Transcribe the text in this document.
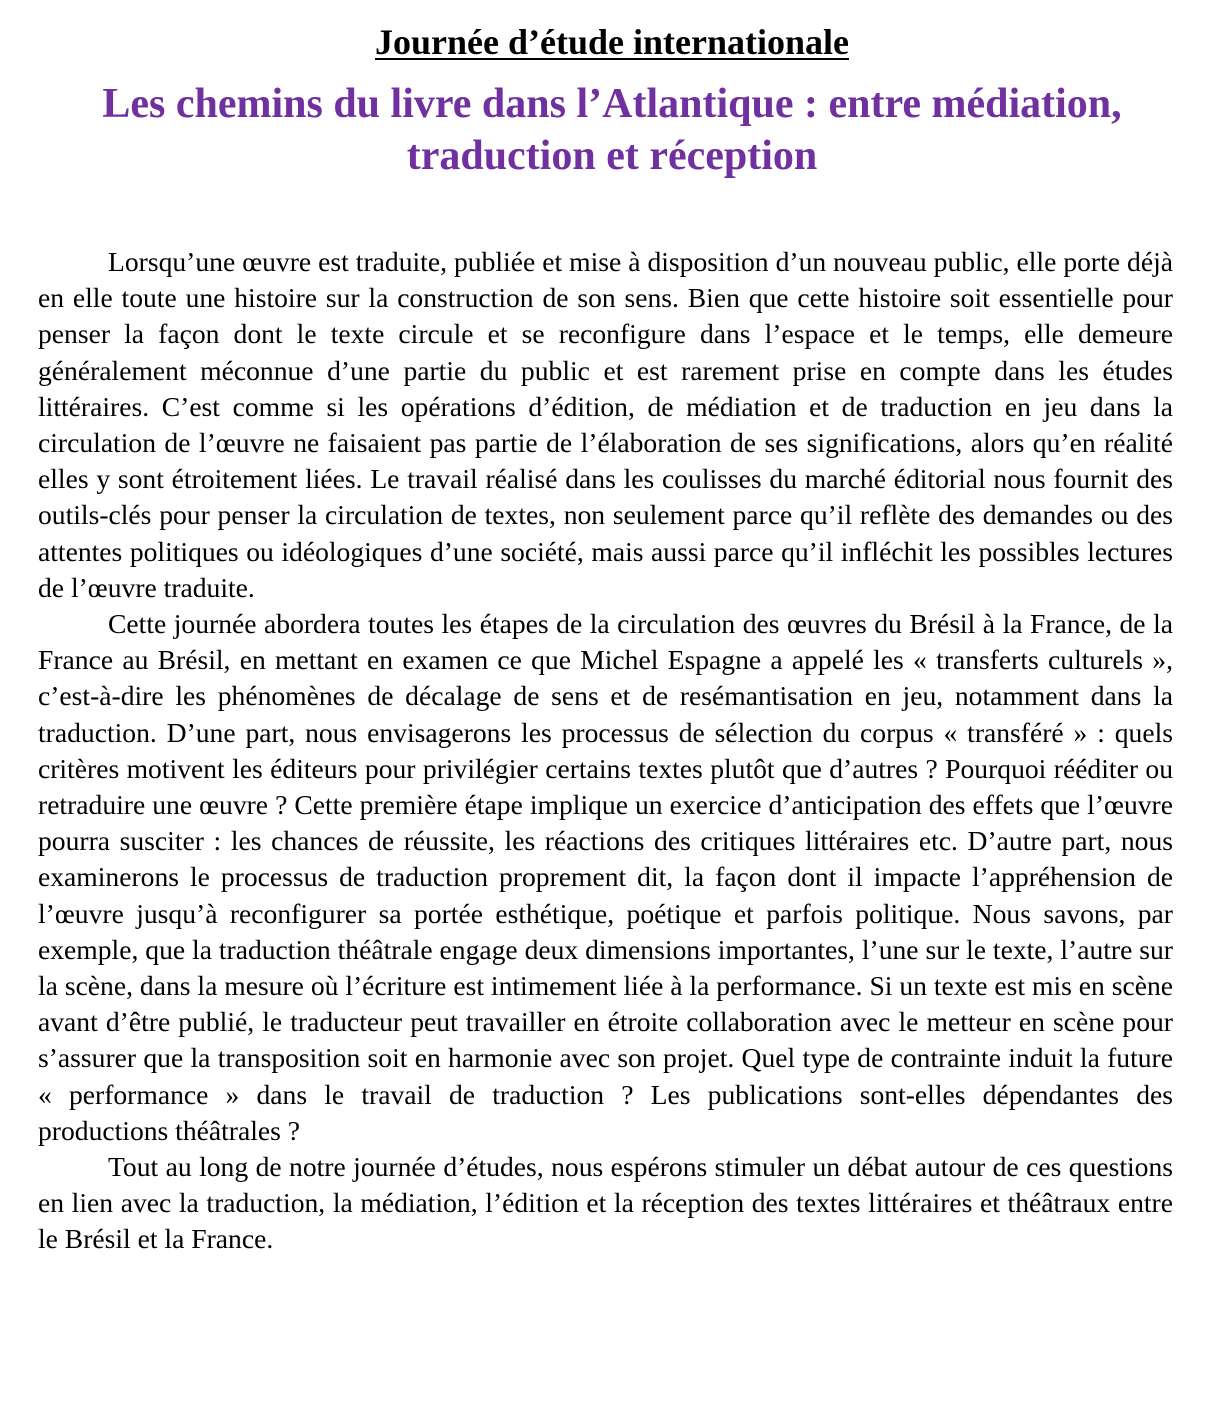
Journée d’étude internationale
Les chemins du livre dans l’Atlantique : entre médiation, traduction et réception

Lorsqu’une œuvre est traduite, publiée et mise à disposition d’un nouveau public, elle porte déjà en elle toute une histoire sur la construction de son sens. Bien que cette histoire soit essentielle pour penser la façon dont le texte circule et se reconfigure dans l’espace et le temps, elle demeure généralement méconnue d’une partie du public et est rarement prise en compte dans les études littéraires. C’est comme si les opérations d’édition, de médiation et de traduction en jeu dans la circulation de l’œuvre ne faisaient pas partie de l’élaboration de ses significations, alors qu’en réalité elles y sont étroitement liées. Le travail réalisé dans les coulisses du marché éditorial nous fournit des outils-clés pour penser la circulation de textes, non seulement parce qu’il reflète des demandes ou des attentes politiques ou idéologiques d’une société, mais aussi parce qu’il infléchit les possibles lectures de l’œuvre traduite.

Cette journée abordera toutes les étapes de la circulation des œuvres du Brésil à la France, de la France au Brésil, en mettant en examen ce que Michel Espagne a appelé les « transferts culturels », c’est-à-dire les phénomènes de décalage de sens et de resémantisation en jeu, notamment dans la traduction. D’une part, nous envisagerons les processus de sélection du corpus « transféré » : quels critères motivent les éditeurs pour privilégier certains textes plutôt que d’autres ? Pourquoi rééditer ou retraduire une œuvre ? Cette première étape implique un exercice d’anticipation des effets que l’œuvre pourra susciter : les chances de réussite, les réactions des critiques littéraires etc. D’autre part, nous examinerons le processus de traduction proprement dit, la façon dont il impacte l’appréhension de l’œuvre jusqu’à reconfigurer sa portée esthétique, poétique et parfois politique. Nous savons, par exemple, que la traduction théâtrale engage deux dimensions importantes, l’une sur le texte, l’autre sur la scène, dans la mesure où l’écriture est intimement liée à la performance. Si un texte est mis en scène avant d’être publié, le traducteur peut travailler en étroite collaboration avec le metteur en scène pour s’assurer que la transposition soit en harmonie avec son projet. Quel type de contrainte induit la future « performance » dans le travail de traduction ? Les publications sont-elles dépendantes des productions théâtrales ?

Tout au long de notre journée d’études, nous espérons stimuler un débat autour de ces questions en lien avec la traduction, la médiation, l’édition et la réception des textes littéraires et théâtraux entre le Brésil et la France.
